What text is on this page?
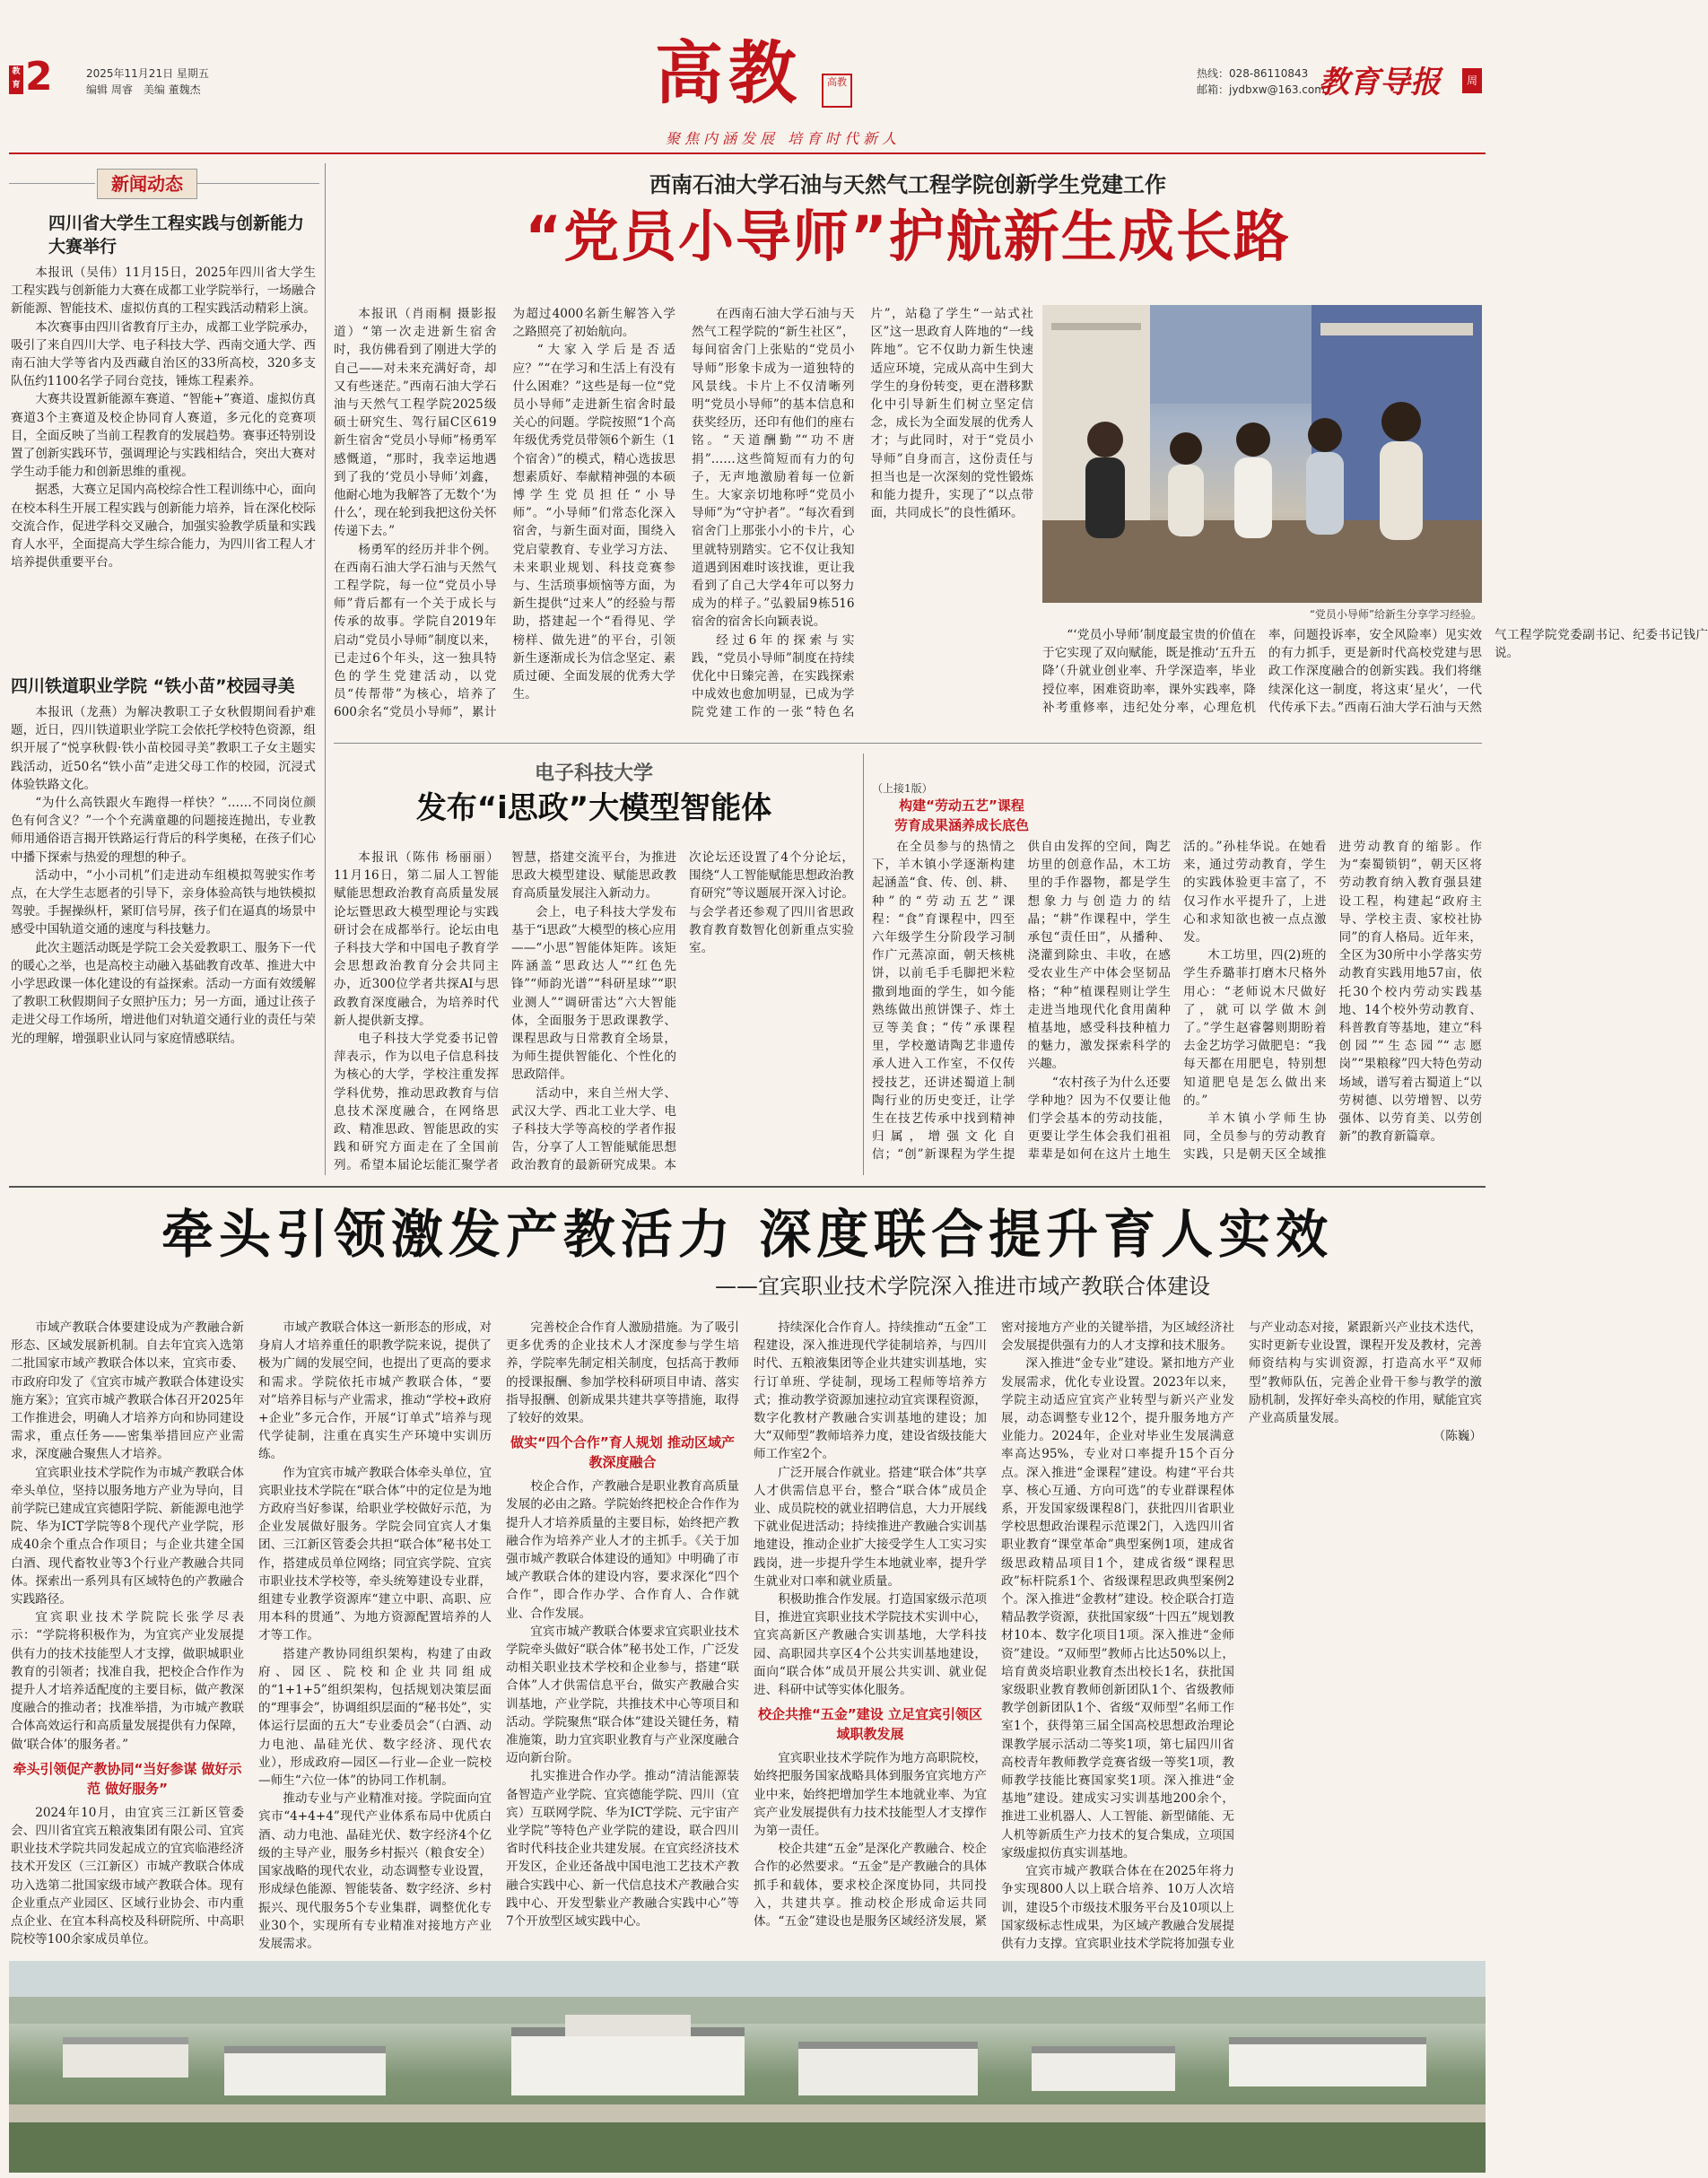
教育 2	2025年11月21日 星期五
编辑 周睿　美编 董魏杰	高教	高教
聚焦内涵发展 培育时代新人
热线：028-86110843
邮箱：jydbxw@163.com
教育导报	周
新闻动态
四川省大学生工程实践与创新能力大赛举行

本报讯（吴伟）11月15日，2025年四川省大学生工程实践与创新能力大赛在成都工业学院举行，一场融合新能源、智能技术、虚拟仿真的工程实践活动精彩上演。

本次赛事由四川省教育厅主办，成都工业学院承办，吸引了来自四川大学、电子科技大学、西南交通大学、西南石油大学等省内及西藏自治区的33所高校，320多支队伍约1100名学子同台竞技，锤炼工程素养。

大赛共设置新能源车赛道、“智能+”赛道、虚拟仿真赛道3个主赛道及校企协同育人赛道，多元化的竞赛项目，全面反映了当前工程教育的发展趋势。赛事还特别设置了创新实践环节，强调理论与实践相结合，突出大赛对学生动手能力和创新思维的重视。

据悉，大赛立足国内高校综合性工程训练中心，面向在校本科生开展工程实践与创新能力培养，旨在深化校际交流合作，促进学科交叉融合，加强实验教学质量和实践育人水平，全面提高大学生综合能力，为四川省工程人才培养提供重要平台。

四川铁道职业学院 “铁小苗”校园寻美

本报讯（龙燕）为解决教职工子女秋假期间看护难题，近日，四川铁道职业学院工会依托学校特色资源，组织开展了“悦享秋假·铁小苗校园寻美”教职工子女主题实践活动，近50名“铁小苗”走进父母工作的校园，沉浸式体验铁路文化。

“为什么高铁跟火车跑得一样快？”……不同岗位颜色有何含义？”一个个充满童趣的问题接连抛出，专业教师用通俗语言揭开铁路运行背后的科学奥秘，在孩子们心中播下探索与热爱的理想的种子。

活动中，“小小司机”们走进动车组模拟驾驶实作考点，在大学生志愿者的引导下，亲身体验高铁与地铁模拟驾驶。手握操纵杆，紧盯信号屏，孩子们在逼真的场景中感受中国轨道交通的速度与科技魅力。

此次主题活动既是学院工会关爱教职工、服务下一代的暖心之举，也是高校主动融入基础教育改革、推进大中小学思政课一体化建设的有益探索。活动一方面有效缓解了教职工秋假期间子女照护压力；另一方面，通过让孩子走进父母工作场所，增进他们对轨道交通行业的责任与荣光的理解，增强职业认同与家庭情感联结。

西南石油大学石油与天然气工程学院创新学生党建工作
“党员小导师”护航新生成长路

本报讯（肖雨桐 摄影报道）“第一次走进新生宿舍时，我仿佛看到了刚进大学的自己——对未来充满好奇，却又有些迷茫。”西南石油大学石油与天然气工程学院2025级硕士研究生、驾行届C区619新生宿舍“党员小导师”杨勇军感慨道，“那时，我幸运地遇到了我的‘党员小导师’刘鑫，他耐心地为我解答了无数个‘为什么’，现在轮到我把这份关怀传递下去。”

杨勇军的经历并非个例。在西南石油大学石油与天然气工程学院，每一位“党员小导师”背后都有一个关于成长与传承的故事。学院自2019年启动“党员小导师”制度以来，已走过6个年头，这一独具特色的学生党建活动，以党员“传帮带”为核心，培养了600余名“党员小导师”，累计为超过4000名新生解答入学之路照亮了初始航向。

“大家入学后是否适应？”“在学习和生活上有没有什么困难？”这些是每一位“党员小导师”走进新生宿舍时最关心的问题。学院按照“1个高年级优秀党员带领6个新生（1个宿舍）”的模式，精心选拔思想素质好、奉献精神强的本硕博学生党员担任“小导师”。“小导师”们常态化深入宿舍，与新生面对面，围绕入党启蒙教育、专业学习方法、未来职业规划、科技竞赛参与、生活琐事烦恼等方面，为新生提供“过来人”的经验与帮助，搭建起一个“看得见、学榜样、做先进”的平台，引领新生逐渐成长为信念坚定、素质过硬、全面发展的优秀大学生。

在西南石油大学石油与天然气工程学院的“新生社区”，每间宿舍门上张贴的“党员小导师”形象卡成为一道独特的风景线。卡片上不仅清晰列明“党员小导师”的基本信息和获奖经历，还印有他们的座右铭。“天道酬勤”“功不唐捐”……这些简短而有力的句子，无声地激励着每一位新生。大家亲切地称呼“党员小导师”为“守护者”。“每次看到宿舍门上那张小小的卡片，心里就特别踏实。它不仅让我知道遇到困难时该找谁，更让我看到了自己大学4年可以努力成为的样子。”弘毅届9栋516宿舍的宿舍长向颖表说。

经过6年的探索与实践，“党员小导师”制度在持续优化中日臻完善，在实践探索中成效也愈加明显，已成为学院党建工作的一张“特色名片”，站稳了学生“一站式社区”这一思政育人阵地的“一线阵地”。它不仅助力新生快速适应环境，完成从高中生到大学生的身份转变，更在潜移默化中引导新生们树立坚定信念，成长为全面发展的优秀人才；与此同时，对于“党员小导师”自身而言，这份责任与担当也是一次深刻的党性锻炼和能力提升，实现了“以点带面，共同成长”的良性循环。

“党员小导师”给新生分享学习经验。

“‘党员小导师’制度最宝贵的价值在于它实现了双向赋能，既是推动‘五升五降’（升就业创业率、升学深造率，毕业授位率，困难资助率，课外实践率，降补考重修率，违纪处分率，心理危机率，问题投诉率，安全风险率）见实效的有力抓手，更是新时代高校党建与思政工作深度融合的创新实践。我们将继续深化这一制度，将这束‘星火’，一代代传承下去。”西南石油大学石油与天然气工程学院党委副书记、纪委书记钱广说。

电子科技大学
发布“i思政”大模型智能体

本报讯（陈伟 杨丽丽）11月16日，第二届人工智能赋能思想政治教育高质量发展论坛暨思政大模型理论与实践研讨会在成都举行。论坛由电子科技大学和中国电子教育学会思想政治教育分会共同主办，近300位学者共探AI与思政教育深度融合，为培养时代新人提供新支撑。

电子科技大学党委书记曾萍表示，作为以电子信息科技为核心的大学，学校注重发挥学科优势，推动思政教育与信息技术深度融合，在网络思政、精准思政、智能思政的实践和研究方面走在了全国前列。希望本届论坛能汇聚学者智慧，搭建交流平台，为推进思政大模型建设、赋能思政教育高质量发展注入新动力。

会上，电子科技大学发布基于“i思政”大模型的核心应用——“小思”智能体矩阵。该矩阵涵盖“思政达人”“红色先锋”“师韵光谱”“科研星球”“职业测人”“调研雷达”六大智能体，全面服务于思政课教学、课程思政与日常教育全场景，为师生提供智能化、个性化的思政陪伴。

活动中，来自兰州大学、武汉大学、西北工业大学、电子科技大学等高校的学者作报告，分享了人工智能赋能思想政治教育的最新研究成果。本次论坛还设置了4个分论坛，围绕“人工智能赋能思想政治教育研究”等议题展开深入讨论。与会学者还参观了四川省思政教育教育数智化创新重点实验室。

（上接1版）
构建“劳动五艺”课程
劳育成果涵养成长底色

在全员参与的热情之下，羊木镇小学逐渐构建起涵盖“食、传、创、耕、种”的“劳动五艺”课程：“食”育课程中，四至六年级学生分阶段学习制作广元蒸凉面，朝天核桃饼，以前毛手毛脚把米粒撒到地面的学生，如今能熟练做出煎饼馃子、炸土豆等美食；“传”承课程里，学校邀请陶艺非遗传承人进入工作室，不仅传授技艺，还讲述蜀道上制陶行业的历史变迁，让学生在技艺传承中找到精神归属，增强文化自信；“创”新课程为学生提供自由发挥的空间，陶艺坊里的创意作品，木工坊里的手作器物，都是学生想象力与创造力的结晶；“耕”作课程中，学生承包“责任田”，从播种、浇灌到除虫、丰收，在感受农业生产中体会坚韧品格；“种”植课程则让学生走进当地现代化食用菌种植基地，感受科技种植力的魅力，激发探索科学的兴趣。

“农村孩子为什么还要学种地？因为不仅要让他们学会基本的劳动技能，更要让学生体会我们祖祖辈辈是如何在这片土地生活的。”孙桂华说。在她看来，通过劳动教育，学生的实践体验更丰富了，不仅习作水平提升了，上进心和求知欲也被一点点激发。

木工坊里，四(2)班的学生乔璐菲打磨木尺格外用心：“老师说木尺做好了，就可以学做木剑了。”学生赵睿馨则期盼着去金艺坊学习做肥皂：“我每天都在用肥皂，特别想知道肥皂是怎么做出来的。”

羊木镇小学师生协同，全员参与的劳动教育实践，只是朝天区全域推进劳动教育的缩影。作为“秦蜀锁钥”，朝天区将劳动教育纳入教育强县建设工程，构建起“政府主导、学校主责、家校社协同”的育人格局。近年来，全区为30所中小学落实劳动教育实践用地57亩，依托30个校内劳动实践基地、14个校外劳动教育、科普教育等基地，建立“科创园”“生态园”“志愿岗”“果粮稼”四大特色劳动场域，谱写着古蜀道上“以劳树德、以劳增智、以劳强体、以劳育美、以劳创新”的教育新篇章。

牵头引领激发产教活力 深度联合提升育人实效
——宜宾职业技术学院深入推进市域产教联合体建设

市域产教联合体要建设成为产教融合新形态、区域发展新机制。自去年宜宾入选第二批国家市域产教联合体以来，宜宾市委、市政府印发了《宜宾市城产教联合体建设实施方案》；宜宾市城产教联合体召开2025年工作推进会，明确人才培养方向和协同建设需求，重点任务——密集举措回应产业需求，深度融合聚焦人才培养。

宜宾职业技术学院作为市城产教联合体牵头单位，坚持以服务地方产业为导向，目前学院已建成宜宾德阳学院、新能源电池学院、华为ICT学院等8个现代产业学院，形成40余个重点合作项目；与企业共建全国白酒、现代畜牧业等3个行业产教融合共同体。探索出一系列具有区域特色的产教融合实践路径。

宜宾职业技术学院院长张学尽表示：“学院将积极作为，为宜宾产业发展提供有力的技术技能型人才支撑，做职城职业教育的引领者；找准自我，把校企合作作为提升人才培养适配度的主要目标，做产教深度融合的推动者；找准举措，为市城产教联合体高效运行和高质量发展提供有力保障，做‘联合体’的服务者。”

牵头引领促产教协同“当好参谋 做好示范 做好服务”

2024年10月，由宜宾三江新区管委会、四川省宜宾五粮液集团有限公司、宜宾职业技术学院共同发起成立的宜宾临港经济技术开发区（三江新区）市城产教联合体成功入选第二批国家级市域产教联合体。现有企业重点产业园区、区域行业协会、市内重点企业、在宜本科高校及科研院所、中高职院校等100余家成员单位。

市域产教联合体这一新形态的形成，对身肩人才培养重任的职教学院来说，提供了极为广阔的发展空间，也提出了更高的要求和需求。学院依托市城产教联合体，“要对”培养目标与产业需求，推动“学校+政府+企业”多元合作，开展“订单式”培养与现代学徒制，注重在真实生产环境中实训历练。

作为宜宾市城产教联合体牵头单位，宜宾职业技术学院在“联合体”中的定位是为地方政府当好参谋，给职业学校做好示范，为企业发展做好服务。学院会同宜宾人才集团、三江新区管委会共担“联合体”秘书处工作，搭建成员单位网络；同宜宾学院、宜宾市职业技术学校等，牵头统筹建设专业群，组建专业教学资源库“建立中职、高职、应用本科的贯通”、为地方资源配置培养的人才等工作。

搭建产教协同组织架构，构建了由政府、园区、院校和企业共同组成的“1+1+5”组织架构，包括规划决策层面的“理事会”，协调组织层面的“秘书处”，实体运行层面的五大“专业委员会”（白酒、动力电池、晶硅光伏、数字经济、现代农业），形成政府—园区—行业—企业一院校—师生“六位一体”的协同工作机制。

推动专业与产业精准对接。学院面向宜宾市“4+4+4”现代产业体系布局中优质白酒、动力电池、晶硅光伏、数字经济4个亿级的主导产业，服务乡村振兴（粮食安全）国家战略的现代农业，动态调整专业设置，形成绿色能源、智能装备、数字经济、乡村振兴、现代服务5个专业集群，调整优化专业30个，实现所有专业精准对接地方产业发展需求。

完善校企合作育人激励措施。为了吸引更多优秀的企业技术人才深度参与学生培养，学院率先制定相关制度，包括高于教师的授课报酬、参加学校科研项目申请、落实指导报酬、创新成果共建共享等措施，取得了较好的效果。

做实“四个合作”育人规划 推动区域产教深度融合

校企合作，产教融合是职业教育高质量发展的必由之路。学院始终把校企合作作为提升人才培养质量的主要目标，始终把产教融合作为培养产业人才的主抓手。《关于加强市城产教联合体建设的通知》中明确了市域产教联合体的建设内容，要求深化“四个合作”，即合作办学、合作育人、合作就业、合作发展。

宜宾市城产教联合体要求宜宾职业技术学院牵头做好“联合体”秘书处工作，广泛发动相关职业技术学校和企业参与，搭建“联合体”人才供需信息平台，做实产教融合实训基地，产业学院，共推技术中心等项目和活动。学院聚焦“联合体”建设关键任务，精准施策，助力宜宾职业教育与产业深度融合迈向新台阶。

扎实推进合作办学。推动“清洁能源装备智造产业学院、宜宾德能学院、四川（宜宾）互联网学院、华为ICT学院、元宇宙产业学院”等特色产业学院的建设，联合四川省时代科技企业共建发展。在宜宾经济技术开发区，企业还备战中国电池工艺技术产教融合实践中心、新一代信息技术产教融合实践中心、开发型紫业产教融合实践中心”等7个开放型区域实践中心。

持续深化合作育人。持续推动“五金”工程建设，深入推进现代学徒制培养，与四川时代、五粮液集团等企业共建实训基地，实行订单班、学徒制，现场工程师等培养方式；推动教学资源加速拉动宜宾课程资源，数字化教材产教融合实训基地的建设；加大“双师型”教师培养力度，建设省级技能大师工作室2个。

广泛开展合作就业。搭建“联合体”共享人才供需信息平台，整合“联合体”成员企业、成员院校的就业招聘信息，大力开展线下就业促进活动；持续推进产教融合实训基地建设，推动企业扩大接受学生人工实习实践岗，进一步提升学生本地就业率，提升学生就业对口率和就业质量。

积极助推合作发展。打造国家级示范项目，推进宜宾职业技术学院技术实训中心，宜宾高新区产教融合实训基地，大学科技园、高职园共享区4个公共实训基地建设，面向“联合体”成员开展公共实训、就业促进、科研中试等实体化服务。

校企共推“五金”建设 立足宜宾引领区域职教发展

宜宾职业技术学院作为地方高职院校，始终把服务国家战略具体到服务宜宾地方产业中来，始终把增加学生本地就业率、为宜宾产业发展提供有力技术技能型人才支撑作为第一责任。

校企共建“五金”是深化产教融合、校企合作的必然要求。“五金”是产教融合的具体抓手和载体，要求校企深度协同，共同投入，共建共享。推动校企形成命运共同体。“五金”建设也是服务区域经济发展，紧密对接地方产业的关键举措，为区域经济社会发展提供强有力的人才支撑和技术服务。

深入推进“金专业”建设。紧扣地方产业发展需求，优化专业设置。2023年以来，学院主动适应宜宾产业转型与新兴产业发展，动态调整专业12个，提升服务地方产业能力。2024年，企业对毕业生发展满意率高达95%，专业对口率提升15个百分点。深入推进“金课程”建设。构建“平台共享、核心互通、方向可选”的专业群课程体系，开发国家级课程8门，获批四川省职业学校思想政治课程示范课2门，入选四川省职业教育“课堂革命”典型案例1项，建成省级思政精品项目1个，建成省级“课程思政”标杆院系1个、省级课程思政典型案例2个。深入推进“金教材”建设。校企联合打造精品教学资源，获批国家级“十四五”规划教材10本、数字化项目1项。深入推进“金师资”建设。“双师型”教师占比达50%以上，培育黄炎培职业教育杰出校长1名，获批国家级职业教育教师创新团队1个、省级教师教学创新团队1个、省级“双师型”名师工作室1个，获得第三届全国高校思想政治理论课教学展示活动二等奖1项，第七届四川省高校青年教师教学竞赛省级一等奖1项，教师教学技能比赛国家奖1项。深入推进“金基地”建设。建成实习实训基地200余个，推进工业机器人、人工智能、新型储能、无人机等新质生产力技术的复合集成，立项国家级虚拟仿真实训基地。

宜宾市城产教联合体在在2025年将力争实现800人以上联合培养、10万人次培训，建设5个市级技术服务平台及10项以上国家级标志性成果，为区域产教融合发展提供有力支撑。宜宾职业技术学院将加强专业与产业动态对接，紧跟新兴产业技术迭代，实时更新专业设置，课程开发及教材，完善师资结构与实训资源，打造高水平“双师型”教师队伍，完善企业骨干参与教学的激励机制，发挥好牵头高校的作用，赋能宜宾产业高质量发展。

（陈巍）
